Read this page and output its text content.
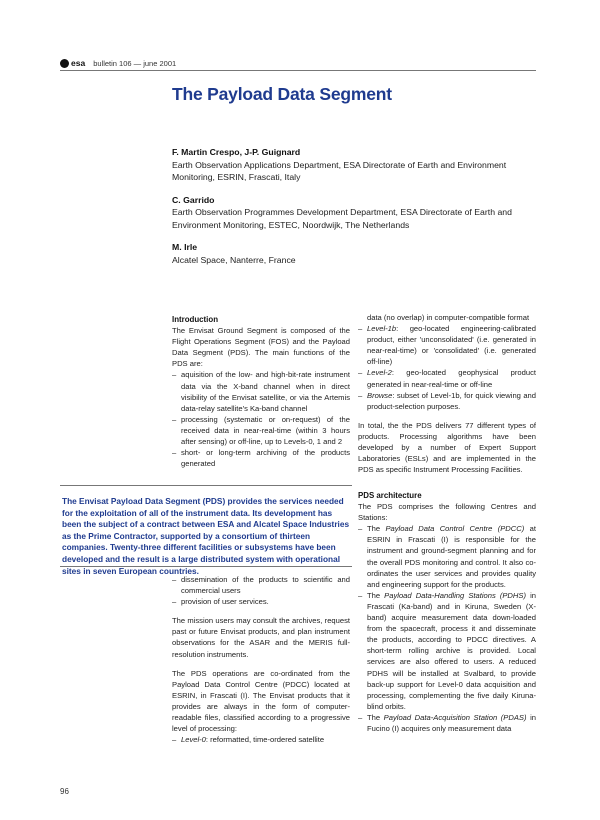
esa bulletin 106 — june 2001
The Payload Data Segment
F. Martin Crespo, J-P. Guignard
Earth Observation Applications Department, ESA Directorate of Earth and Environment Monitoring, ESRIN, Frascati, Italy
C. Garrido
Earth Observation Programmes Development Department, ESA Directorate of Earth and Environment Monitoring, ESTEC, Noordwijk, The Netherlands
M. Irle
Alcatel Space, Nanterre, France
Introduction
The Envisat Ground Segment is composed of the Flight Operations Segment (FOS) and the Payload Data Segment (PDS). The main functions of the PDS are:
– aquisition of the low- and high-bit-rate instrument data via the X-band channel when in direct visibility of the Envisat satellite, or via the Artemis data-relay satellite's Ka-band channel
– processing (systematic or on-request) of the received data in near-real-time (within 3 hours after sensing) or off-line, up to Levels-0, 1 and 2
– short- or long-term archiving of the products generated
The Envisat Payload Data Segment (PDS) provides the services needed for the exploitation of all of the instrument data. Its development has been the subject of a contract between ESA and Alcatel Space Industries as the Prime Contractor, supported by a consortium of thirteen companies. Twenty-three different facilities or subsystems have been developed and the result is a large distributed system with operational sites in seven European countries.
– dissemination of the products to scientific and commercial users
– provision of user services.
The mission users may consult the archives, request past or future Envisat products, and plan instrument observations for the ASAR and the MERIS full-resolution instruments.
The PDS operations are co-ordinated from the Payload Data Control Centre (PDCC) located at ESRIN, in Frascati (I). The Envisat products that it provides are always in the form of computer-readable files, classified according to a progressive level of processing:
– Level-0: reformatted, time-ordered satellite
data (no overlap) in computer-compatible format
– Level-1b: geo-located engineering-calibrated product, either 'unconsolidated' (i.e. generated in near-real-time) or 'consolidated' (i.e. generated off-line)
– Level-2: geo-located geophysical product generated in near-real-time or off-line
– Browse: subset of Level-1b, for quick viewing and product-selection purposes.
In total, the the PDS delivers 77 different types of products. Processing algorithms have been developed by a number of Expert Support Laboratories (ESLs) and are implemented in the PDS as specific Instrument Processing Facilities.
PDS architecture
The PDS comprises the following Centres and Stations:
– The Payload Data Control Centre (PDCC) at ESRIN in Frascati (I) is responsible for the instrument and ground-segment planning and for the overall PDS monitoring and control. It also co-ordinates the user services and provides quality and engineering support for the products.
– The Payload Data-Handling Stations (PDHS) in Frascati (Ka-band) and in Kiruna, Sweden (X-band) acquire measurement data down-loaded from the spacecraft, process it and disseminate the products, according to PDCC directives. A short-term rolling archive is provided. Local services are also offered to users. A reduced PDHS will be installed at Svalbard, to provide back-up support for Level-0 data acquisition and processing, complementing the five daily Kiruna-blind orbits.
– The Payload Data-Acquisition Station (PDAS) in Fucino (I) acquires only measurement data
96
